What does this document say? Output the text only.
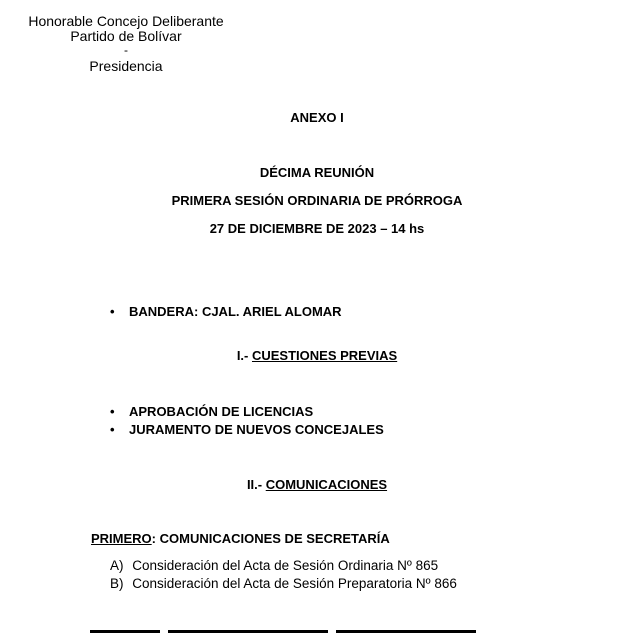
Honorable Concejo Deliberante
Partido de Bolívar
-
Presidencia
ANEXO I
DÉCIMA REUNIÓN
PRIMERA SESIÓN ORDINARIA DE PRÓRROGA
27 DE DICIEMBRE DE 2023 – 14 hs
• BANDERA: CJAL. ARIEL ALOMAR
I.- CUESTIONES PREVIAS
• APROBACIÓN DE LICENCIAS
• JURAMENTO DE NUEVOS CONCEJALES
II.- COMUNICACIONES
PRIMERO: COMUNICACIONES DE SECRETARÍA
A) Consideración del Acta de Sesión Ordinaria Nº 865
B) Consideración del Acta de Sesión Preparatoria Nº 866
